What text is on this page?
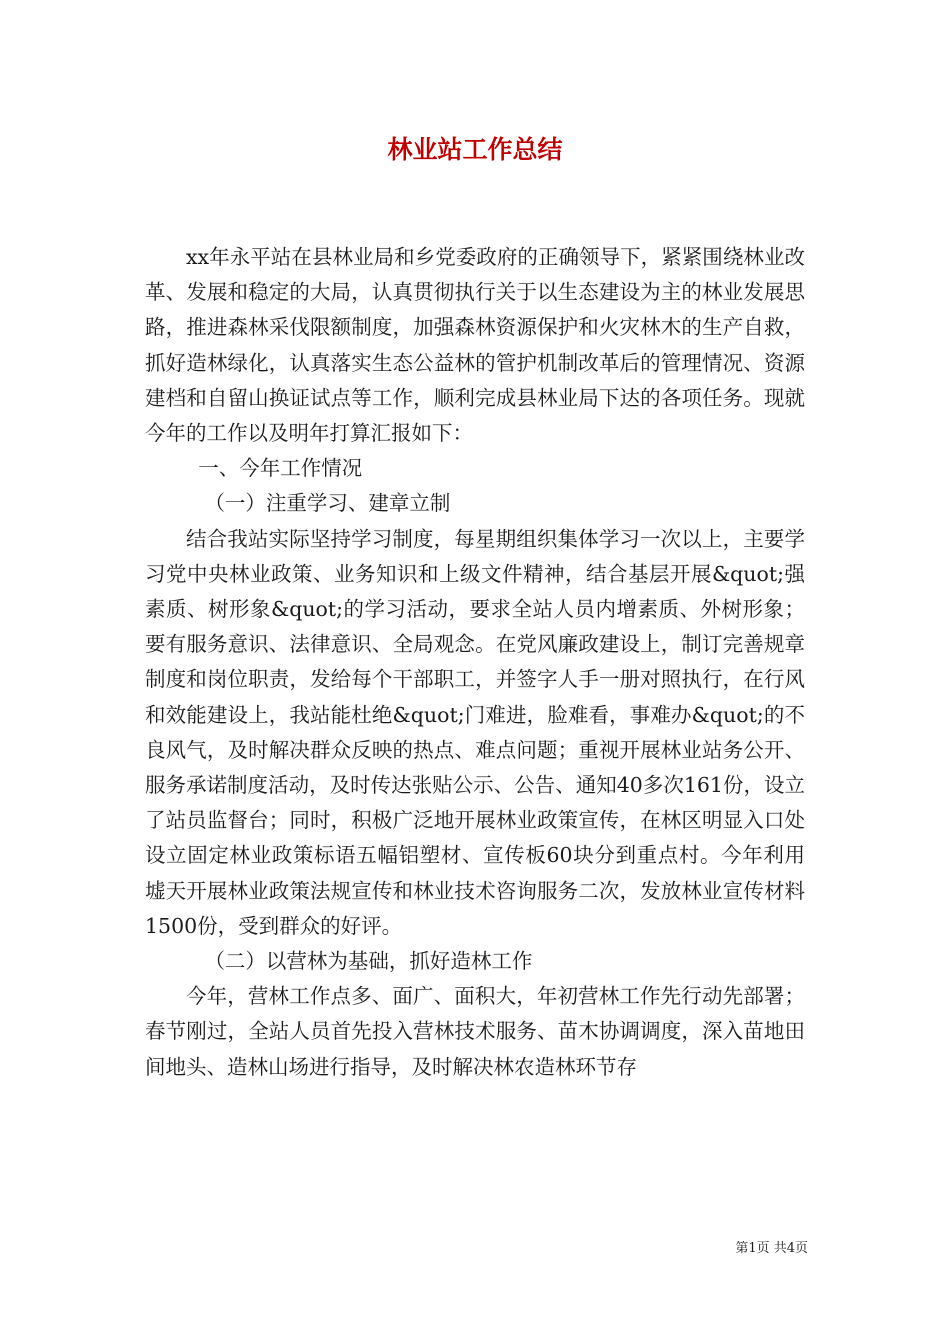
林业站工作总结

xx年永平站在县林业局和乡党委政府的正确领导下，紧紧围绕林业改革、发展和稳定的大局，认真贯彻执行关于以生态建设为主的林业发展思路，推进森林采伐限额制度，加强森林资源保护和火灾林木的生产自救，抓好造林绿化，认真落实生态公益林的管护机制改革后的管理情况、资源建档和自留山换证试点等工作，顺利完成县林业局下达的各项任务。现就今年的工作以及明年打算汇报如下：

一、今年工作情况

（一）注重学习、建章立制

结合我站实际坚持学习制度，每星期组织集体学习一次以上，主要学习党中央林业政策、业务知识和上级文件精神，结合基层开展&quot;强素质、树形象&quot;的学习活动，要求全站人员内增素质、外树形象；要有服务意识、法律意识、全局观念。在党风廉政建设上，制订完善规章制度和岗位职责，发给每个干部职工，并签字人手一册对照执行，在行风和效能建设上，我站能杜绝&quot;门难进，脸难看，事难办&quot;的不良风气，及时解决群众反映的热点、难点问题；重视开展林业站务公开、服务承诺制度活动，及时传达张贴公示、公告、通知40多次161份，设立了站员监督台；同时，积极广泛地开展林业政策宣传，在林区明显入口处设立固定林业政策标语五幅铝塑材、宣传板60块分到重点村。今年利用墟天开展林业政策法规宣传和林业技术咨询服务二次，发放林业宣传材料1500份，受到群众的好评。

（二）以营林为基础，抓好造林工作

今年，营林工作点多、面广、面积大，年初营林工作先行动先部署；春节刚过，全站人员首先投入营林技术服务、苗木协调调度，深入苗地田间地头、造林山场进行指导，及时解决林农造林环节存

第1页 共4页
